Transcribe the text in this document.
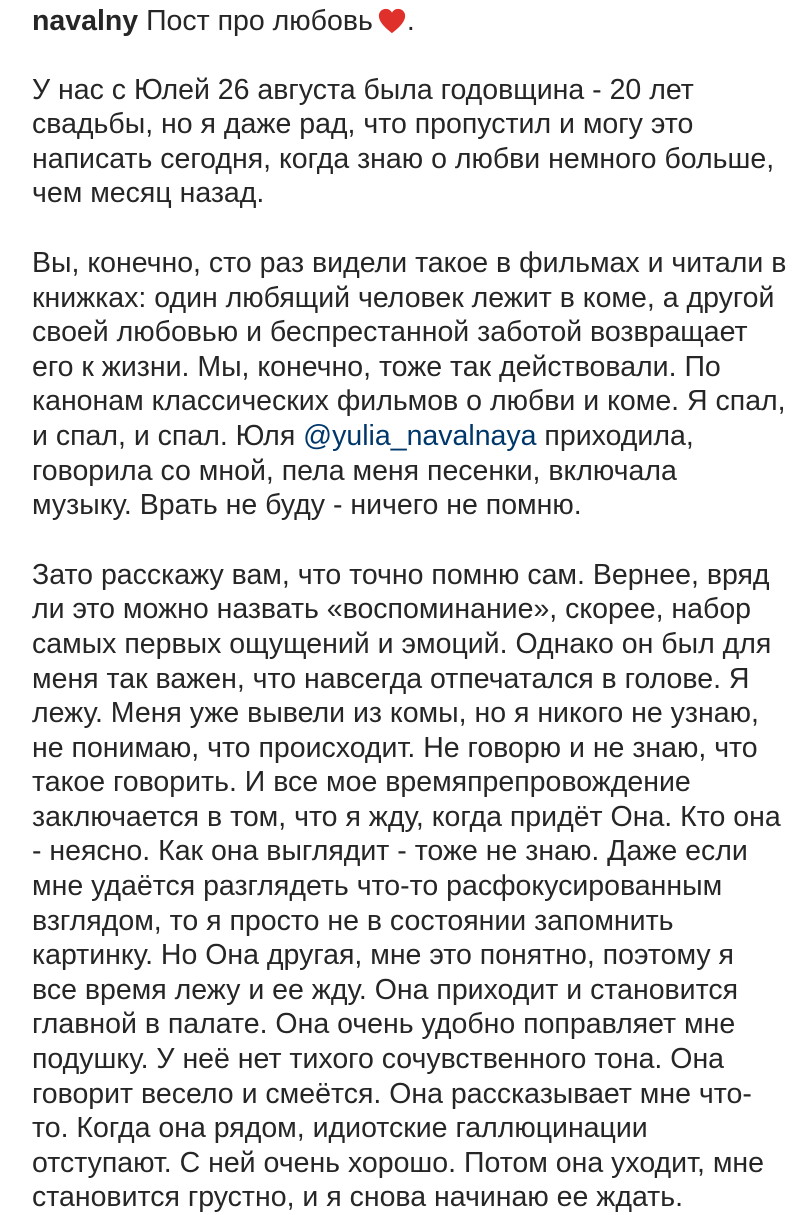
navalny Пост про любовь .
У нас с Юлей 26 августа была годовщина - 20 лет
свадьбы, но я даже рад, что пропустил и могу это
написать сегодня, когда знаю о любви немного больше,
чем месяц назад.
Вы, конечно, сто раз видели такое в фильмах и читали в
книжках: один любящий человек лежит в коме, а другой
своей любовью и беспрестанной заботой возвращает
его к жизни. Мы, конечно, тоже так действовали. По
канонам классических фильмов о любви и коме. Я спал,
и спал, и спал. Юля @yulia_navalnaya приходила,
говорила со мной, пела меня песенки, включала
музыку. Врать не буду - ничего не помню.
Зато расскажу вам, что точно помню сам. Вернее, вряд
ли это можно назвать «воспоминание», скорее, набор
самых первых ощущений и эмоций. Однако он был для
меня так важен, что навсегда отпечатался в голове. Я
лежу. Меня уже вывели из комы, но я никого не узнаю,
не понимаю, что происходит. Не говорю и не знаю, что
такое говорить. И все мое времяпрепровождение
заключается в том, что я жду, когда придёт Она. Кто она
- неясно. Как она выглядит - тоже не знаю. Даже если
мне удаётся разглядеть что-то расфокусированным
взглядом, то я просто не в состоянии запомнить
картинку. Но Она другая, мне это понятно, поэтому я
все время лежу и ее жду. Она приходит и становится
главной в палате. Она очень удобно поправляет мне
подушку. У неё нет тихого сочувственного тона. Она
говорит весело и смеётся. Она рассказывает мне что-
то. Когда она рядом, идиотские галлюцинации
отступают. С ней очень хорошо. Потом она уходит, мне
становится грустно, и я снова начинаю ее ждать.
